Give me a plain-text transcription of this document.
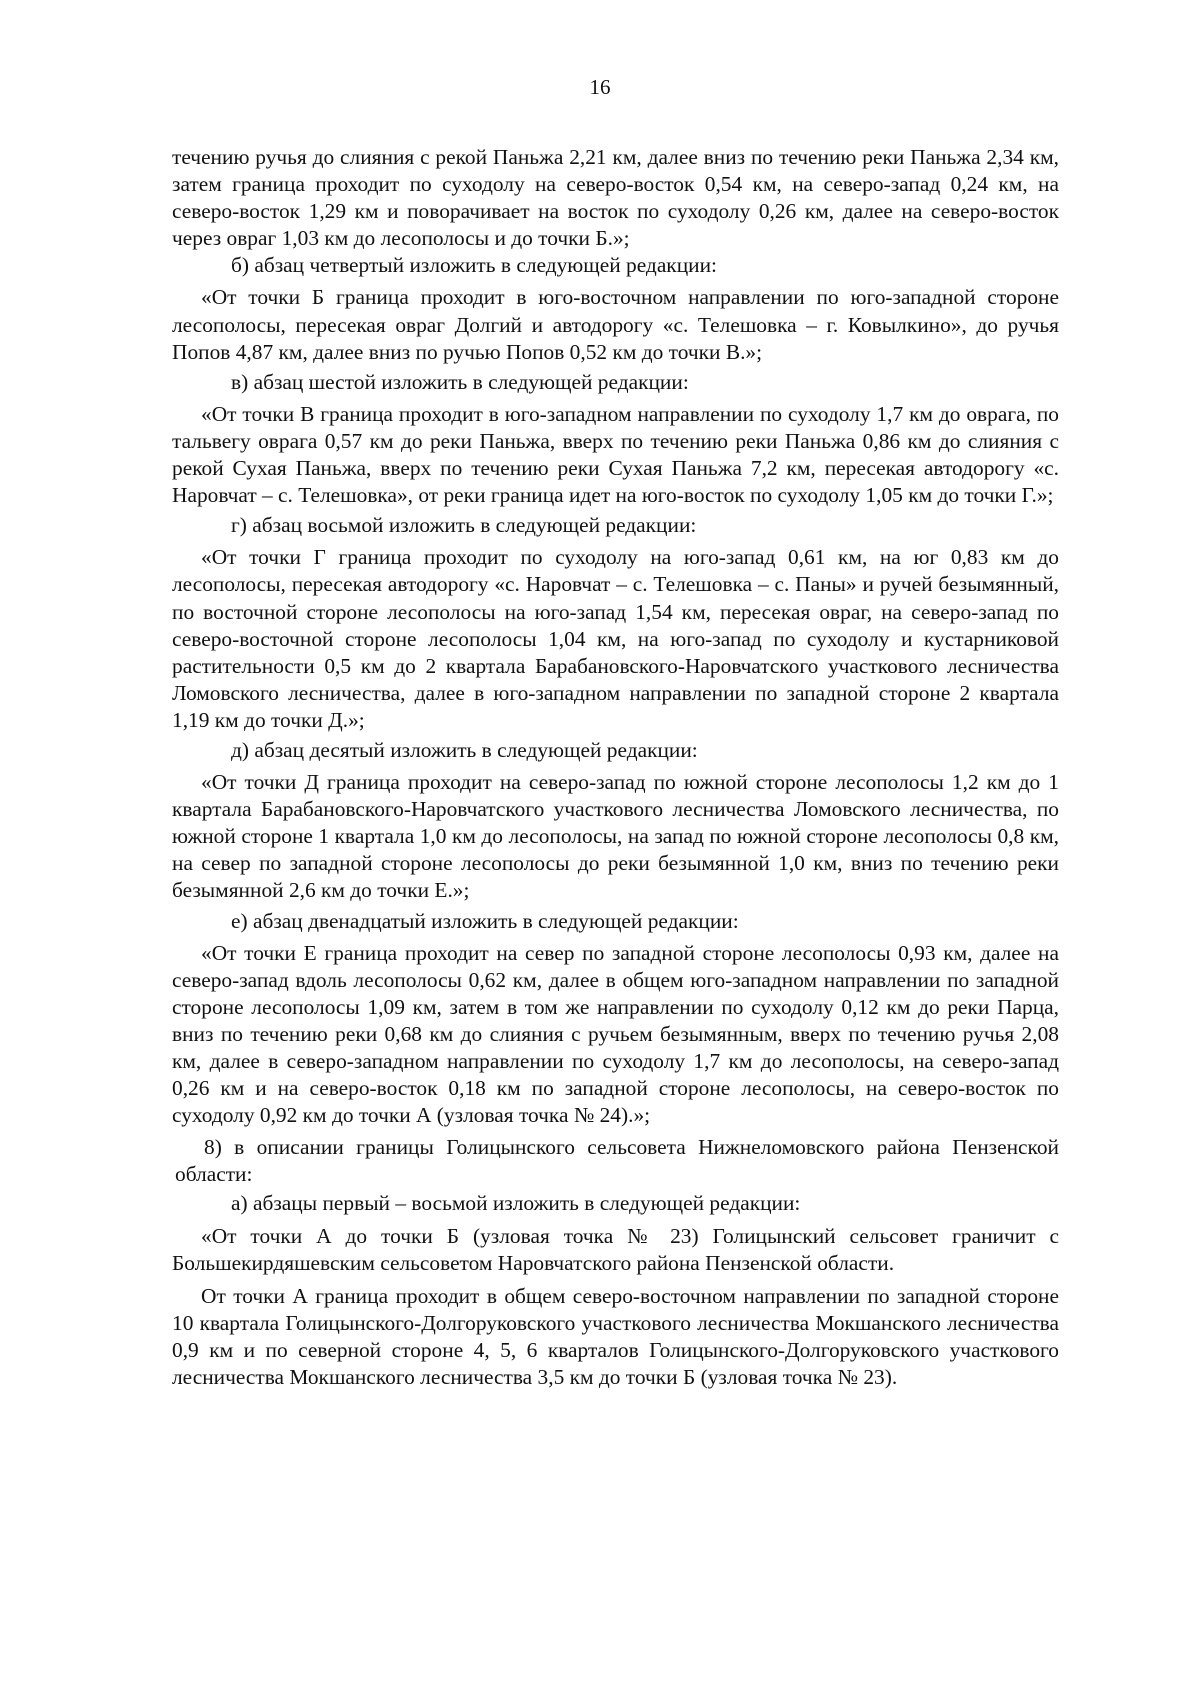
16

течению ручья до слияния с рекой Паньжа 2,21 км, далее вниз по течению реки Паньжа 2,34 км, затем граница проходит по суходолу на северо-восток 0,54 км, на северо-запад 0,24 км, на северо-восток 1,29 км и поворачивает на восток по суходолу 0,26 км, далее на северо-восток через овраг 1,03 км до лесополосы и до точки Б.»;

б) абзац четвертый изложить в следующей редакции:

«От точки Б граница проходит в юго-восточном направлении по юго-западной стороне лесополосы, пересекая овраг Долгий и автодорогу «с. Телешовка – г. Ковылкино», до ручья Попов 4,87 км, далее вниз по ручью Попов 0,52 км до точки В.»;

в) абзац шестой изложить в следующей редакции:

«От точки В граница проходит в юго-западном направлении по суходолу 1,7 км до оврага, по тальвегу оврага 0,57 км до реки Паньжа, вверх по течению реки Паньжа 0,86 км до слияния с рекой Сухая Паньжа, вверх по течению реки Сухая Паньжа 7,2 км, пересекая автодорогу «с. Наровчат – с. Телешовка», от реки граница идет на юго-восток по суходолу 1,05 км до точки Г.»;

г) абзац восьмой изложить в следующей редакции:

«От точки Г граница проходит по суходолу на юго-запад 0,61 км, на юг 0,83 км до лесополосы, пересекая автодорогу «с. Наровчат – с. Телешовка – с. Паны» и ручей безымянный, по восточной стороне лесополосы на юго-запад 1,54 км, пересекая овраг, на северо-запад по северо-восточной стороне лесополосы 1,04 км, на юго-запад по суходолу и кустарниковой растительности 0,5 км до 2 квартала Барабановского-Наровчатского участкового лесничества Ломовского лесничества, далее в юго-западном направлении по западной стороне 2 квартала 1,19 км до точки Д.»;

д) абзац десятый изложить в следующей редакции:

«От точки Д граница проходит на северо-запад по южной стороне лесополосы 1,2 км до 1 квартала Барабановского-Наровчатского участкового лесничества Ломовского лесничества, по южной стороне 1 квартала 1,0 км до лесополосы, на запад по южной стороне лесополосы 0,8 км, на север по западной стороне лесополосы до реки безымянной 1,0 км, вниз по течению реки безымянной 2,6 км до точки Е.»;

е) абзац двенадцатый изложить в следующей редакции:

«От точки Е граница проходит на север по западной стороне лесополосы 0,93 км, далее на северо-запад вдоль лесополосы 0,62 км, далее в общем юго-западном направлении по западной стороне лесополосы 1,09 км, затем в том же направлении по суходолу 0,12 км до реки Парца, вниз по течению реки 0,68 км до слияния с ручьем безымянным, вверх по течению ручья 2,08 км, далее в северо-западном направлении по суходолу 1,7 км до лесополосы, на северо-запад 0,26 км и на северо-восток 0,18 км по западной стороне лесополосы, на северо-восток по суходолу 0,92 км до точки А (узловая точка № 24).»;

8) в описании границы Голицынского сельсовета Нижнеломовского района Пензенской области:

а) абзацы первый – восьмой изложить в следующей редакции:

«От точки А до точки Б (узловая точка № 23) Голицынский сельсовет граничит с Большекирдяшевским сельсоветом Наровчатского района Пензенской области.

От точки А граница проходит в общем северо-восточном направлении по западной стороне 10 квартала Голицынского-Долгоруковского участкового лесничества Мокшанского лесничества 0,9 км и по северной стороне 4, 5, 6 кварталов Голицынского-Долгоруковского участкового лесничества Мокшанского лесничества 3,5 км до точки Б (узловая точка № 23).
